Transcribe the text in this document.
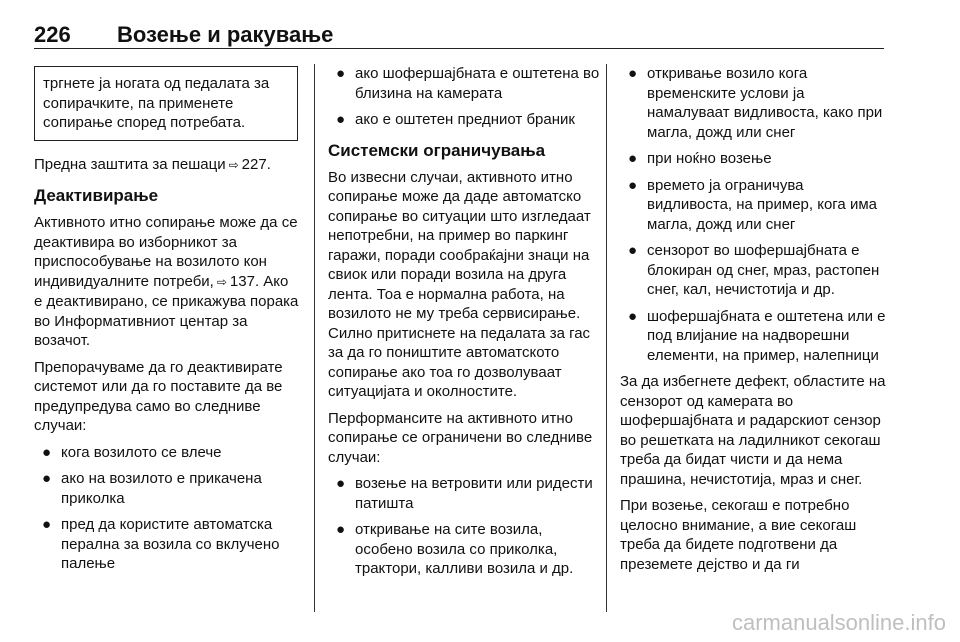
226 Возење и ракување
тргнете ја ногата од педалата за сопирачките, па применете сопирање според потребата.

Предна заштита за пешаци ⇨ 227.

Деактивирање

Активното итно сопирање може да се деактивира во изборникот за приспособување на возилото кон индивидуалните потреби, ⇨ 137. Ако е деактивирано, се прикажува порака во Информативниот центар за возачот.

Препорачуваме да го деактивирате системот или да го поставите да ве предупредува само во следниве случаи:

● кога возилото се влече
● ако на возилото е прикачена приколка
● пред да користите автоматска перална за возила со вклучено палење
● ако шофершајбната е оштетена во близина на камерата
● ако е оштетен предниот браник
Системски ограничувања

Во извесни случаи, активното итно сопирање може да даде автоматско сопирање во ситуации што изгледаат непотребни, на пример во паркинг гаражи, поради сообраќајни знаци на свиок или поради возила на друга лента. Тоа е нормална работа, на возилото не му треба сервисирање. Силно притиснете на педалата за гас за да го поништите автоматското сопирање ако тоа го дозволуваат ситуацијата и околностите.

Перформансите на активното итно сопирање се ограничени во следниве случаи:

● возење на ветровити или ридести патишта
● откривање на сите возила, особено возила со приколка, трактори, калливи возила и др.
● откривање возило кога временските услови ја намалуваат видливоста, како при магла, дожд или снег
● при ноќно возење
● времето ја ограничува видливоста, на пример, кога има магла, дожд или снег
● сензорот во шофершајбната е блокиран од снег, мраз, растопен снег, кал, нечистотија и др.
● шофершајбната е оштетена или е под влијание на надворешни елементи, на пример, налепници

За да избегнете дефект, областите на сензорот од камерата во шофершајбната и радарскиот сензор во решетката на ладилникот секогаш треба да бидат чисти и да нема прашина, нечистотија, мраз и снег.

При возење, секогаш е потребно целосно внимание, а вие секогаш треба да бидете подготвени да преземете дејство и да ги

carmanualsonline.info
